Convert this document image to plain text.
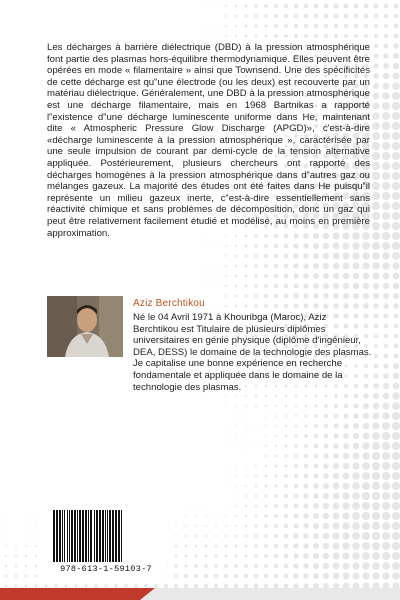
Les décharges à barrière diélectrique (DBD) à la pression atmosphérique font partie des plasmas hors-équilibre thermodynamique. Elles peuvent être opérées en mode « filamentaire » ainsi que Townsend. Une des spécificités de cette décharge est qu‟une électrode (ou les deux) est recouverte par un matériau diélectrique. Généralement, une DBD à la pression atmosphérique est une décharge filamentaire, mais en 1968 Bartnikas a rapporté l‟existence d‟une décharge luminescente uniforme dans He, maintenant dite « Atmospheric Pressure Glow Discharge (APGD)», c'est-à-dire «décharge luminescente à la pression atmosphérique », caractérisée par une seule impulsion de courant par demi-cycle de la tension alternative appliquée. Postérieurement, plusieurs chercheurs ont rapporté des décharges homogènes à la pression atmosphérique dans d‟autres gaz ou mélanges gazeux. La majorité des études ont été faites dans He puisqu‟il représente un milieu gazeux inerte, c‟est-à-dire essentiellement sans réactivité chimique et sans problèmes de décomposition, donc un gaz qui peut être relativement facilement étudié et modélisé, au moins en première approximation.

Aziz Berchtikou

Né le 04 Avril 1971 à Khouribga (Maroc), Aziz Berchtikou est Titulaire de plusieurs diplômes universitaires en génie physique (diplôme d'ingénieur, DEA, DESS) le domaine de la technologie des plasmas. Je capitalise une bonne expérience en recherche fondamentale et appliquée dans le domaine de la technologie des plasmas.

978-613-1-59103-7
